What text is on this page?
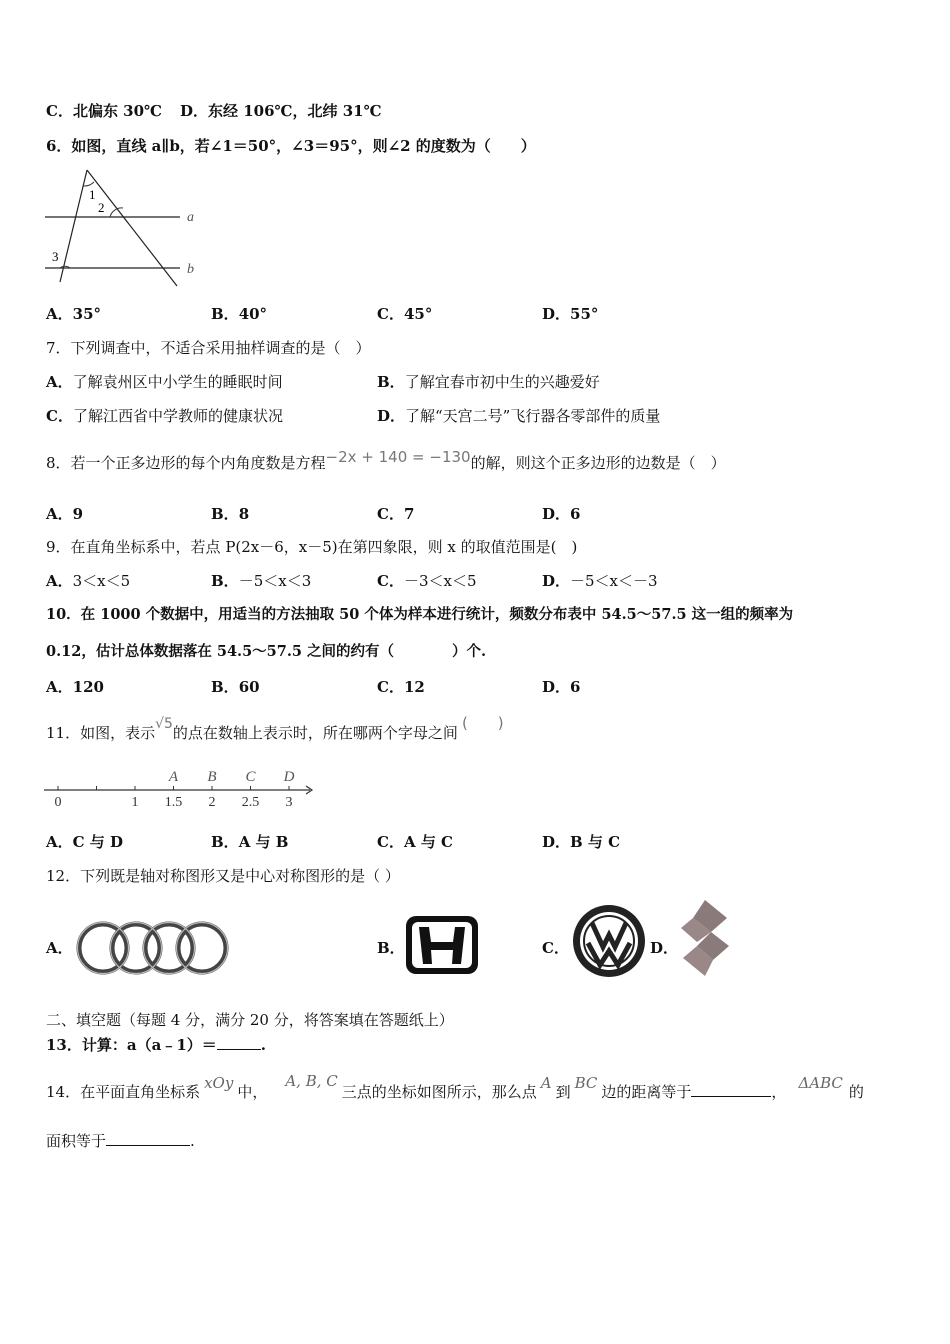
C．北偏东 30℃ D．东经 106℃，北纬 31℃
6．如图，直线 a∥b，若∠1＝50°，∠3＝95°，则∠2 的度数为（　　）
1
2
3
a
b
A．35°	B．40°	C．45°	D．55°
7．下列调查中，不适合采用抽样调查的是（　）
A．了解袁州区中小学生的睡眠时间	B．了解宜春市初中生的兴趣爱好
C．了解江西省中学教师的健康状况	D．了解“天宫二号”飞行器各零部件的质量
8．若一个正多边形的每个内角度数是方程−2x + 140 = −130的解，则这个正多边形的边数是（　）
A．9	B．8	C．7	D．6
9．在直角坐标系中，若点 P(2x－6，x－5)在第四象限，则 x 的取值范围是(　)
A．3＜x＜5	B．－5＜x＜3	C．－3＜x＜5	D．－5＜x＜－3
10．在 1000 个数据中，用适当的方法抽取 50 个体为样本进行统计，频数分布表中 54.5～57.5 这一组的频率为
0.12，估计总体数据落在 54.5～57.5 之间的约有（　　　　）个.
A．120	B．60	C．12	D．6
11．如图，表示√5的点在数轴上表示时，所在哪两个字母之间(　　)
0	1 1.5 2 2.5 3
A B C D
A．C 与 D	B．A 与 B	C．A 与 C	D．B 与 C
12．下列既是轴对称图形又是中心对称图形的是（ ）
A．	B．	C．	D．
二、填空题（每题 4 分，满分 20 分，将答案填在答题纸上）
13．计算：a（a﹣1）＝	.
14．在平面直角坐标系 xOy 中，A, B, C三点的坐标如图所示，那么点 A 到 BC 边的距离等于	， ΔABC 的
面积等于	.
